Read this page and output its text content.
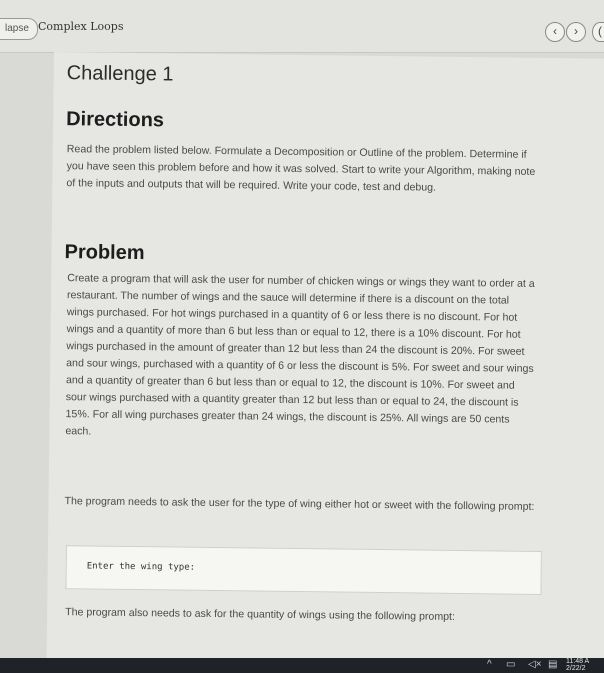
lapse Complex Loops	‹	›	(
Challenge 1
Directions
Read the problem listed below. Formulate a Decomposition or Outline of the problem. Determine if you have seen this problem before and how it was solved. Start to write your Algorithm, making note of the inputs and outputs that will be required. Write your code, test and debug.
Problem
Create a program that will ask the user for number of chicken wings or wings they want to order at a restaurant. The number of wings and the sauce will determine if there is a discount on the total wings purchased. For hot wings purchased in a quantity of 6 or less there is no discount. For hot wings and a quantity of more than 6 but less than or equal to 12, there is a 10% discount. For hot wings purchased in the amount of greater than 12 but less than 24 the discount is 20%. For sweet and sour wings, purchased with a quantity of 6 or less the discount is 5%. For sweet and sour wings and a quantity of greater than 6 but less than or equal to 12, the discount is 10%. For sweet and sour wings purchased with a quantity greater than 12 but less than or equal to 24, the discount is 15%. For all wing purchases greater than 24 wings, the discount is 25%. All wings are 50 cents each.
The program needs to ask the user for the type of wing either hot or sweet with the following prompt:
Enter the wing type:
The program also needs to ask for the quantity of wings using the following prompt:
^ ▭ ◁× ▤ 11:48 A
2/22/2
